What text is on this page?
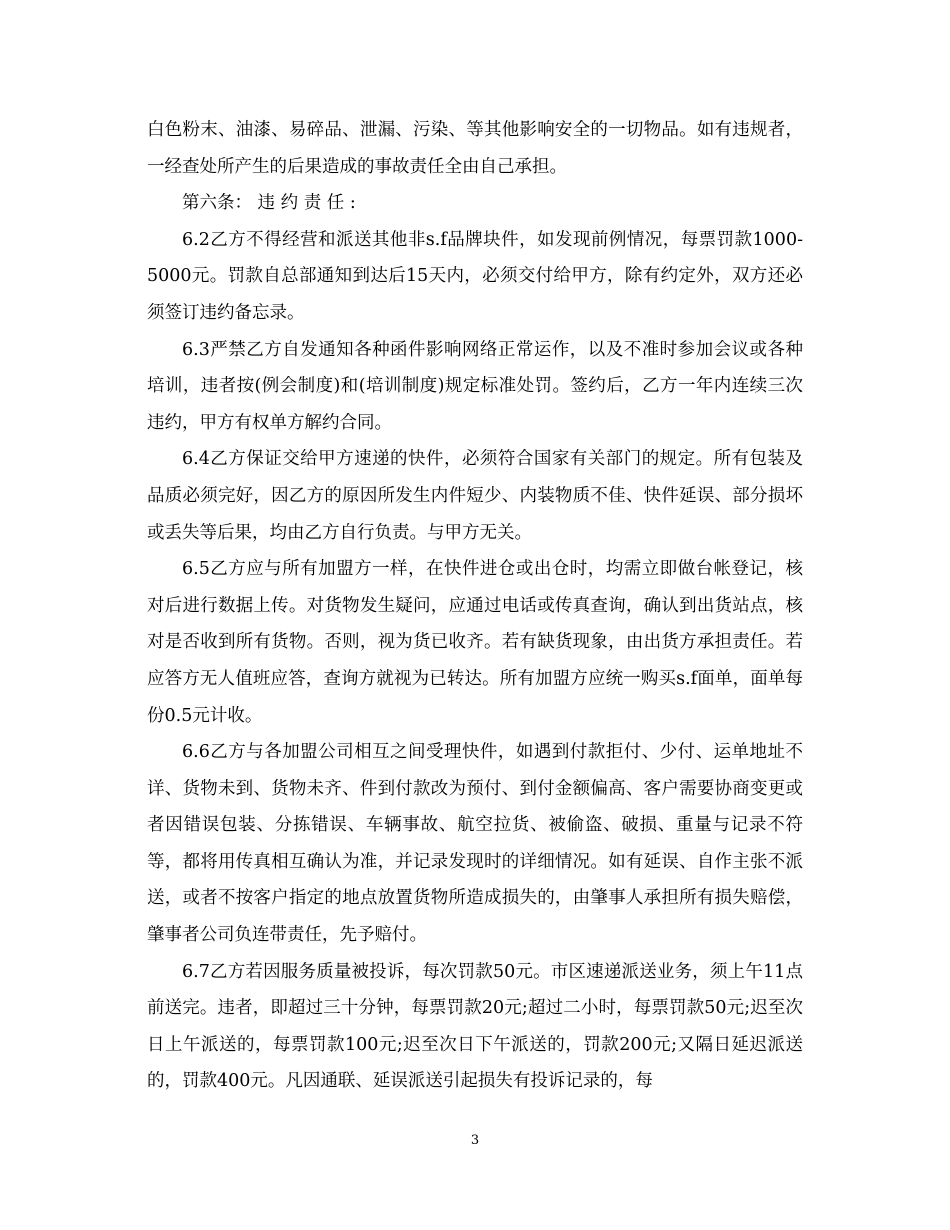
白色粉末、油漆、易碎品、泄漏、污染、等其他影响安全的一切物品。如有违规者，一经查处所产生的后果造成的事故责任全由自己承担。

第六条： 违 约 责 任 :

6.2乙方不得经营和派送其他非s.f品牌块件，如发现前例情况，每票罚款1000-5000元。罚款自总部通知到达后15天内，必须交付给甲方，除有约定外，双方还必须签订违约备忘录。

6.3严禁乙方自发通知各种函件影响网络正常运作，以及不准时参加会议或各种培训，违者按(例会制度)和(培训制度)规定标准处罚。签约后，乙方一年内连续三次违约，甲方有权单方解约合同。

6.4乙方保证交给甲方速递的快件，必须符合国家有关部门的规定。所有包装及品质必须完好，因乙方的原因所发生内件短少、内装物质不佳、快件延误、部分损坏或丢失等后果，均由乙方自行负责。与甲方无关。

6.5乙方应与所有加盟方一样，在快件进仓或出仓时，均需立即做台帐登记，核对后进行数据上传。对货物发生疑问，应通过电话或传真查询，确认到出货站点，核对是否收到所有货物。否则，视为货已收齐。若有缺货现象，由出货方承担责任。若应答方无人值班应答，查询方就视为已转达。所有加盟方应统一购买s.f面单，面单每份0.5元计收。

6.6乙方与各加盟公司相互之间受理快件，如遇到付款拒付、少付、运单地址不详、货物未到、货物未齐、件到付款改为预付、到付金额偏高、客户需要协商变更或者因错误包装、分拣错误、车辆事故、航空拉货、被偷盗、破损、重量与记录不符等，都将用传真相互确认为准，并记录发现时的详细情况。如有延误、自作主张不派送，或者不按客户指定的地点放置货物所造成损失的，由肇事人承担所有损失赔偿，肇事者公司负连带责任，先予赔付。

6.7乙方若因服务质量被投诉，每次罚款50元。市区速递派送业务，须上午11点前送完。违者，即超过三十分钟，每票罚款20元;超过二小时，每票罚款50元;迟至次日上午派送的，每票罚款100元;迟至次日下午派送的，罚款200元;又隔日延迟派送的，罚款400元。凡因通联、延误派送引起损失有投诉记录的，每

3
